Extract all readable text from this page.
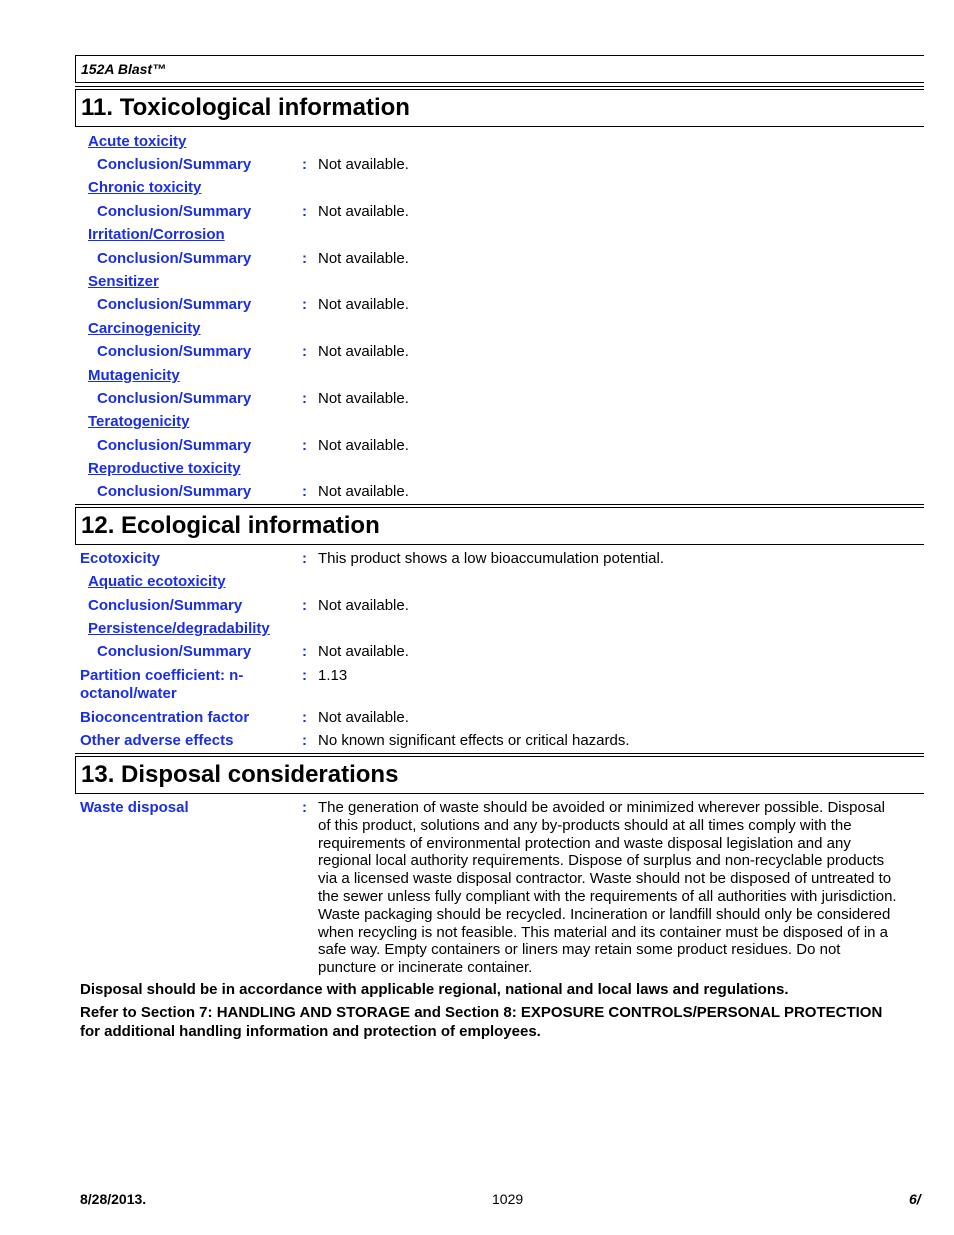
152A Blast™
11. Toxicological information
Acute toxicity
Conclusion/Summary	: Not available.
Chronic toxicity
Conclusion/Summary	: Not available.
Irritation/Corrosion
Conclusion/Summary	: Not available.
Sensitizer
Conclusion/Summary	: Not available.
Carcinogenicity
Conclusion/Summary	: Not available.
Mutagenicity
Conclusion/Summary	: Not available.
Teratogenicity
Conclusion/Summary	: Not available.
Reproductive toxicity
Conclusion/Summary	: Not available.
12. Ecological information
Ecotoxicity	: This product shows a low bioaccumulation potential.
Aquatic ecotoxicity
Conclusion/Summary	: Not available.
Persistence/degradability
Conclusion/Summary	: Not available.
Partition coefficient: n-
octanol/water
: 1.13
Bioconcentration factor	: Not available.
Other adverse effects	: No known significant effects or critical hazards.
13. Disposal considerations
Waste disposal	: The generation of waste should be avoided or minimized wherever possible. Disposal
of this product, solutions and any by-products should at all times comply with the
requirements of environmental protection and waste disposal legislation and any
regional local authority requirements. Dispose of surplus and non-recyclable products
via a licensed waste disposal contractor. Waste should not be disposed of untreated to
the sewer unless fully compliant with the requirements of all authorities with jurisdiction.
Waste packaging should be recycled. Incineration or landfill should only be considered
when recycling is not feasible. This material and its container must be disposed of in a
safe way. Empty containers or liners may retain some product residues. Do not
puncture or incinerate container.
Disposal should be in accordance with applicable regional, national and local laws and regulations.
Refer to Section 7: HANDLING AND STORAGE and Section 8: EXPOSURE CONTROLS/PERSONAL PROTECTION
for additional handling information and protection of employees.
8/28/2013.	1029	6/
